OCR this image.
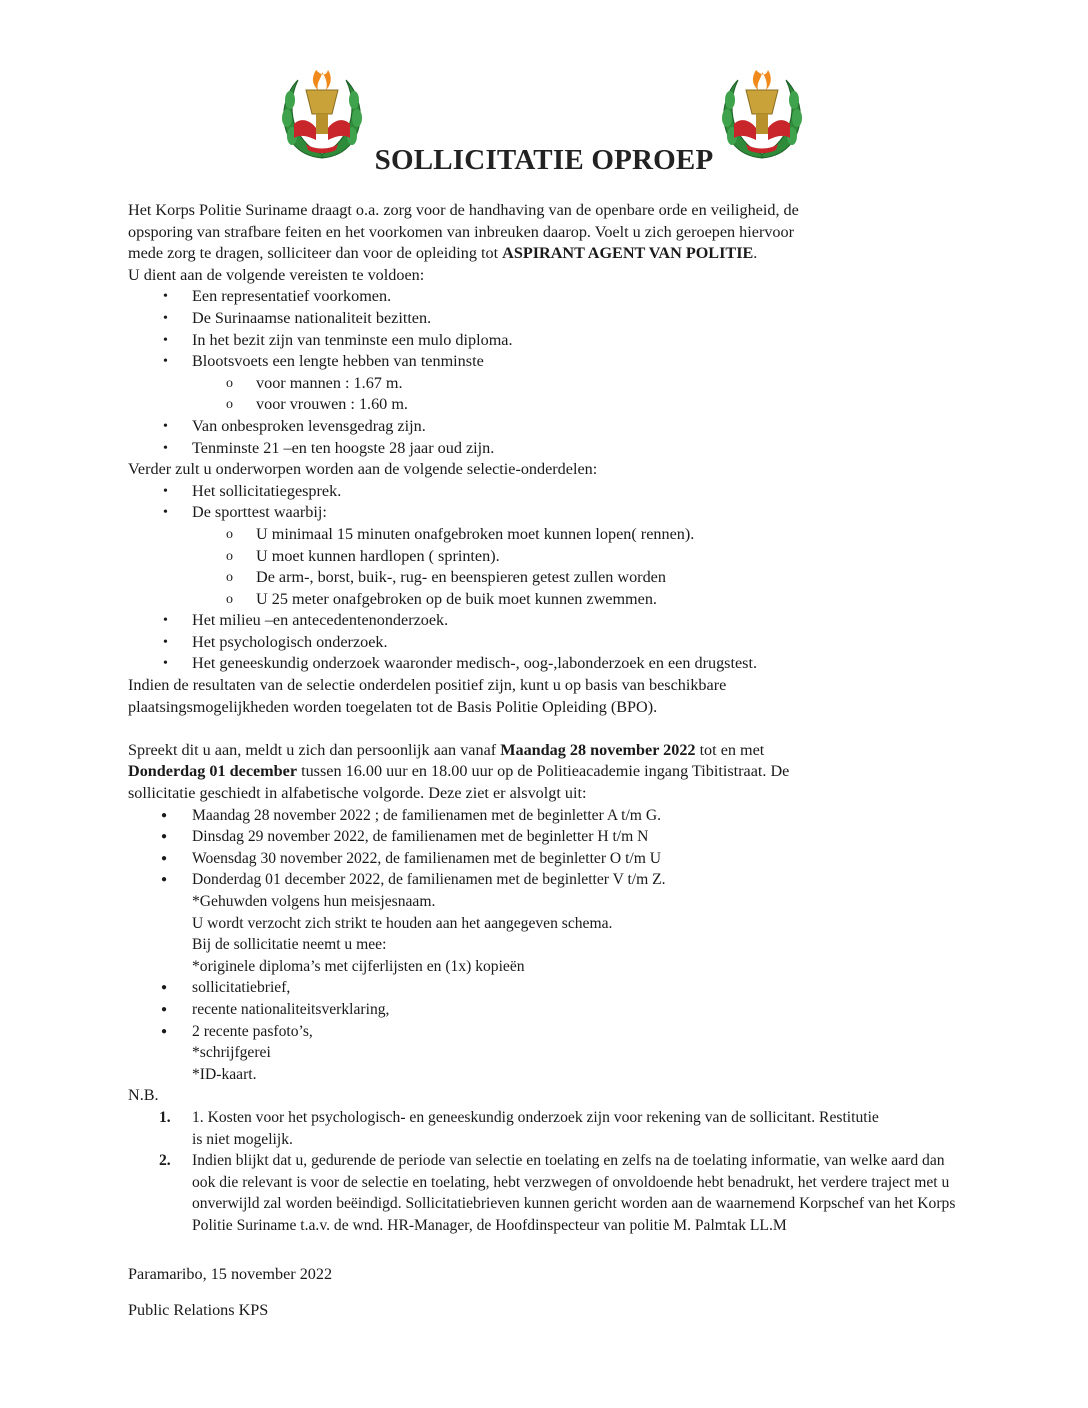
SOLLICITATIE OPROEP

Het Korps Politie Suriname draagt o.a. zorg voor de handhaving van de openbare orde en veiligheid, de opsporing van strafbare feiten en het voorkomen van inbreuken daarop. Voelt u zich geroepen hiervoor mede zorg te dragen, solliciteer dan voor de opleiding tot ASPIRANT AGENT VAN POLITIE.

U dient aan de volgende vereisten te voldoen:

• Een representatief voorkomen.
• De Surinaamse nationaliteit bezitten.
• In het bezit zijn van tenminste een mulo diploma.
• Blootsvoets een lengte hebben van tenminste
o voor mannen : 1.67 m.
o voor vrouwen : 1.60 m.
• Van onbesproken levensgedrag zijn.
• Tenminste 21 –en ten hoogste 28 jaar oud zijn.

Verder zult u onderworpen worden aan de volgende selectie-onderdelen:

• Het sollicitatiegesprek.
• De sporttest waarbij:
o U minimaal 15 minuten onafgebroken moet kunnen lopen( rennen).
o U moet kunnen hardlopen ( sprinten).
o De arm-, borst, buik-, rug- en beenspieren getest zullen worden
o U 25 meter onafgebroken op de buik moet kunnen zwemmen.
• Het milieu –en antecedentenonderzoek.
• Het psychologisch onderzoek.
• Het geneeskundig onderzoek waaronder medisch-, oog-,labonderzoek en een drugstest.

Indien de resultaten van de selectie onderdelen positief zijn, kunt u op basis van beschikbare plaatsingsmogelijkheden worden toegelaten tot de Basis Politie Opleiding (BPO).

Spreekt dit u aan, meldt u zich dan persoonlijk aan vanaf Maandag 28 november 2022 tot en met Donderdag 01 december tussen 16.00 uur en 18.00 uur op de Politieacademie ingang Tibitistraat. De sollicitatie geschiedt in alfabetische volgorde. Deze ziet er alsvolgt uit:

● Maandag 28 november 2022 ; de familienamen met de beginletter A t/m G.
● Dinsdag 29 november 2022, de familienamen met de beginletter H t/m N
● Woensdag 30 november 2022, de familienamen met de beginletter O t/m U
● Donderdag 01 december 2022, de familienamen met de beginletter V t/m Z.
*Gehuwden volgens hun meisjesnaam.
U wordt verzocht zich strikt te houden aan het aangegeven schema.
Bij de sollicitatie neemt u mee:
*originele diploma’s met cijferlijsten en (1x) kopieën
● sollicitatiebrief,
● recente nationaliteitsverklaring,
● 2 recente pasfoto’s,
*schrijfgerei
*ID-kaart.

N.B.

1. 1. Kosten voor het psychologisch- en geneeskundig onderzoek zijn voor rekening van de sollicitant. Restitutie is niet mogelijk.
2. Indien blijkt dat u, gedurende de periode van selectie en toelating en zelfs na de toelating informatie, van welke aard dan ook die relevant is voor de selectie en toelating, hebt verzwegen of onvoldoende hebt benadrukt, het verdere traject met u onverwijld zal worden beëindigd. Sollicitatiebrieven kunnen gericht worden aan de waarnemend Korpschef van het Korps Politie Suriname t.a.v. de wnd. HR-Manager, de Hoofdinspecteur van politie M. Palmtak LL.M
Paramaribo, 15 november 2022
Public Relations KPS
